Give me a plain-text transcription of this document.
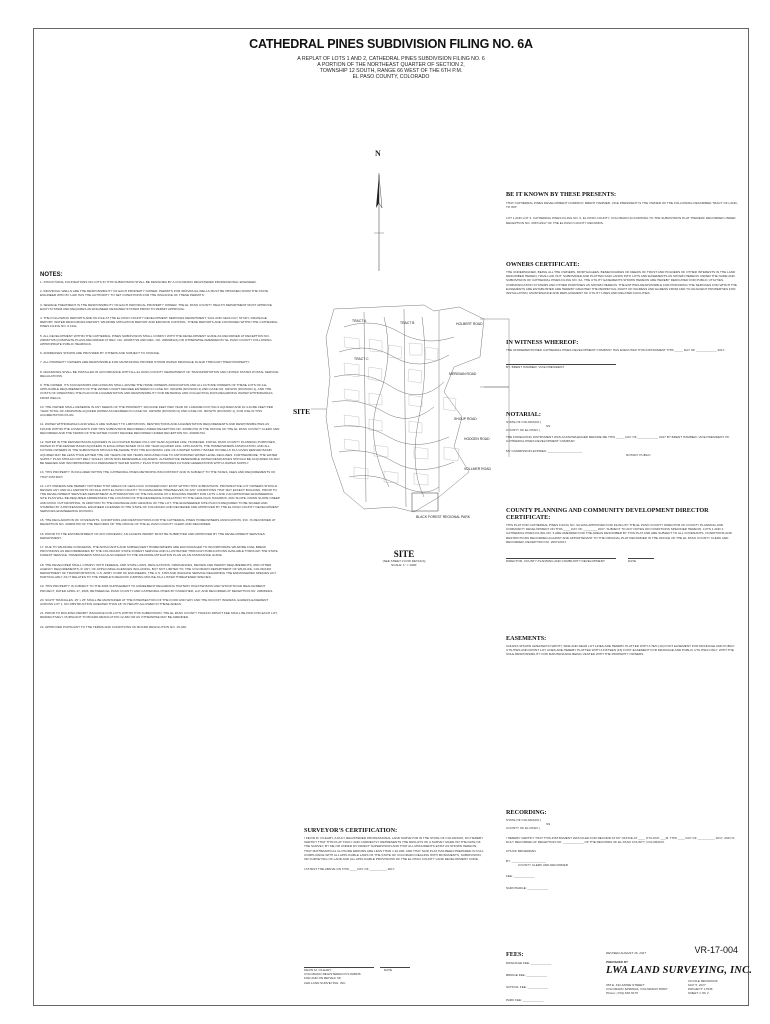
CATHEDRAL PINES SUBDIVISION FILING NO. 6A
A REPLAT OF LOTS 1 AND 2, CATHEDRAL PINES SUBDIVISION FILING NO. 6
A PORTION OF THE NORTHEAST QUARTER OF SECTION 2,
TOWNSHIP 12 SOUTH, RANGE 66 WEST OF THE 6TH P.M.
EL PASO COUNTY, COLORADO
N
BE IT KNOWN BY THESE PRESENTS:
THAT CATHEDRAL PINES DEVELOPMENT COMPANY, BRENT HAMMER, VICE PRESIDENT IS THE OWNER OF THE FOLLOWING DESCRIBED TRACT OF LAND, TO WIT:
LOT 1 AND LOT 2, CATHEDRAL PINES FILING NO. 6, EL PASO COUNTY, COLORADO ACCORDING TO THE SUBDIVISION PLAT THEREOF RECORDED UNDER RECEPTION NO. 206712917 OF THE EL PASO COUNTY RECORDS.
OWNERS CERTIFICATE:
THE UNDERSIGNED, BEING ALL THE OWNERS, MORTGAGEES, BENEFICIARIES OF DEEDS OF TRUST AND HOLDERS OF OTHER INTERESTS IN THE LAND DESCRIBED HEREIN, HAVE LAID OUT, SUBDIVIDED AND PLATTED SAID LANDS INTO LOTS AND EASEMENTS AS SHOWN HEREON UNDER THE NAME AND SUBDIVISION OF CATHEDRAL PINES FILING NO. 6A. THE UTILITY EASEMENTS SHOWN HEREON ARE HEREBY DEDICATED FOR PUBLIC UTILITIES, COMMUNICATION SYSTEMS AND OTHER PURPOSES AS SHOWN HEREON. THE ENTITIES RESPONSIBLE FOR PROVIDING THE SERVICES FOR WHICH THE EASEMENTS ARE ESTABLISHED ARE HEREBY GRANTED THE PERPETUAL RIGHT OF INGRESS AND EGRESS FROM AND TO ADJACENT PROPERTIES FOR INSTALLATION, MAINTENANCE AND REPLACEMENT OF UTILITY LINES AND RELATED FACILITIES.
IN WITNESS WHEREOF:
THE AFOREMENTIONED CATHEDRAL PINES DEVELOPMENT COMPANY HAS EXECUTED THIS INSTRUMENT THIS _____ DAY OF ____________ 2017.
BY: BRENT HAMMER, VICE PRESIDENT
NOTARIAL:
STATE OF COLORADO )
SS
COUNTY OF EL PASO )
THE FOREGOING INSTRUMENT WAS ACKNOWLEDGED BEFORE ME THIS _____ DAY OF ____________ 2017 BY BRENT HAMMER, VICE PRESIDENT OF CATHEDRAL PINES DEVELOPMENT COMPANY.
MY COMMISSION EXPIRES: ____________________
NOTARY PUBLIC
COUNTY PLANNING AND COMMUNITY DEVELOPMENT DIRECTOR CERTIFICATE:
THIS PLAT FOR CATHEDRAL PINES FILING NO. 6A WAS APPROVED FOR FILING BY THE EL PASO COUNTY DIRECTOR OF COUNTY PLANNING AND COMMUNITY DEVELOPMENT ON THIS ____ DAY OF ________ 2017, SUBJECT TO ANY NOTES OR CONDITIONS SPECIFIED HEREON. LOTS 1 AND 2 CATHEDRAL PINES FILING NO. 6 ARE AMENDED FOR THE AREAS DESCRIBED BY THIS PLAT AND ARE SUBJECT TO ALL COVENANTS, CONDITIONS AND RESTRICTIONS RECORDED AGAINST AND APPURTENANT TO THE ORIGINAL PLAT RECORDED IN THE OFFICE OF THE EL PASO COUNTY CLERK AND RECORDER, RECEPTION NO. 206712917.
DIRECTOR, COUNTY PLANNING AND COMMUNITY DEVELOPMENT	DATE
EASEMENTS:
UNLESS SHOWN GREATER IN WIDTH, SIDE AND REAR LOT LINES ARE HEREBY PLATTED WITH A TEN (10) FOOT EASEMENT FOR DRAINAGE AND PUBLIC UTILITIES AND FRONT LOT LINES ARE HEREBY PLATTED WITH A FIFTEEN (15) FOOT EASEMENT FOR DRAINAGE AND PUBLIC UTILITIES ONLY. WITH THE SOLE RESPONSIBILITY FOR MAINTENANCE BEING VESTED WITH THE PROPERTY OWNERS.
NOTES:
1. STRUCTURAL FOUNDATIONS ON LOTS IN THIS SUBDIVISION SHALL BE DESIGNED BY A COLORADO REGISTERED PROFESSIONAL ENGINEER.
2. INDIVIDUAL WELLS ARE THE RESPONSIBILITY OF EACH PROPERTY OWNER. PERMITS FOR INDIVIDUAL WELLS MUST BE OBTAINED FROM THE STATE ENGINEER WHO BY LAW HAS THE AUTHORITY TO SET CONDITIONS FOR THE ISSUANCE OF THESE PERMITS.
3. SEWAGE TREATMENT IS THE RESPONSIBILITY OF EACH INDIVIDUAL PROPERTY OWNER. THE EL PASO COUNTY HEALTH DEPARTMENT MUST APPROVE EACH SYSTEM AND REQUIRES AN ENGINEER DESIGNED SYSTEM PRIOR TO PERMIT APPROVAL.
4. THE FOLLOWING REPORTS ARE ON FILE AT THE EL PASO COUNTY DEVELOPMENT SERVICES DEPARTMENT: SOIL AND GEOLOGY STUDY, DRAINAGE REPORT, WATER RESOURCES REPORT, WILDFIRE MITIGATION REPORT AND EROSION CONTROL. THESE REPORTS ARE CONTAINED WITHIN THE CATHEDRAL PINES FILING NO. 6 FILE.
5. ALL DEVELOPMENT WITHIN THE CATHEDRAL PINES SUBDIVISION SHALL COMPLY WITH THE DEVELOPMENT GUIDE AS RECORDED AT RECEPTION NO. 200067728 (COMPLETE PLANS RECORDED AT REC. NO. 200067729 AND REC. NO. 208008124) OR OTHERWISE AMENDED BY EL PASO COUNTY FOLLOWING APPROPRIATE PUBLIC HEARINGS.
6. ADDRESSES SHOWN ARE PROVIDED BY OTHERS AND SUBJECT TO CHANGE.
7. ALL PROPERTY OWNERS ARE RESPONSIBLE FOR MAINTAINING PROPER STORM WATER DRAINAGE IN AND THROUGH THEIR PROPERTY.
8. MAILBOXES SHALL BE INSTALLED IN ACCORDANCE WITH ALL EL PASO COUNTY DEPARTMENT OF TRANSPORTATION AND UNITED STATES POSTAL SERVICE REGULATIONS.
9. THE OWNER, ITS SUCCESSORS AND ASSIGNS SHALL ADVISE THE HOME OWNERS ASSOCIATION AND ALL FUTURE OWNERS OF THESE LOTS OF ALL APPLICABLE REQUIREMENTS OF THE WATER COURT DECREE ENTERED IN CASE NO. 90CW66 (DIVISION 2) AND CASE NO. 90CW15 (DIVISION 1), AND THE COSTS OF OPERATING THE PLAN FOR AUGMENTATION AND RESPONSIBILITY FOR METERING AND COLLECTING DATA REGARDING WATER WITHDRAWALS FROM WELLS.
10. THE OWNER SHALL RESERVE IN ANY DEEDS OF THE PROPERTY 184 ACRE FEET PER YEAR OF LARAMIE FOX HILLS AQUIFER AND 10.4 ACRE FEET PER YEAR TOTAL OF ARAPAHOE AQUIFER WATER AS DECREED IN CASE NO. 90CW66 (DIVISION 2) AND CASE NO. 90CW75 (DIVISION 1), FOR USE IN THIS AUGMENTATION PLAN.
11. WATER WITHDRAWALS AND WELLS ARE SUBJECT TO LIMITATIONS, RESTRICTIONS AND AUGMENTATION REQUIREMENTS AND RESPONSIBILITIES AS FOUND WITHIN THE COVENANTS FOR THIS SUBDIVISION RECORDED UNDER RECEPTION NO. 200061700 IN THE OFFICE OF THE EL PASO COUNTY CLERK AND RECORDER AND THE TERMS OF THE WATER COURT DECREE RECORDED UNDER RECEPTION NO. 200061702.
12. WATER IN THE DENVER BASIN AQUIFERS IS ALLOCATED BASED ON A 100 YEAR AQUIFER LIFE; HOWEVER, FOR EL PASO COUNTY PLANNING PURPOSES, WATER IN THE DENVER BASIN AQUIFERS IS EVALUATED BASED ON A 300 YEAR AQUIFER LIFE. APPLICANTS, THE HOMEOWNERS ASSOCIATION, AND ALL FUTURE OWNERS IN THE SUBDIVISION SHOULD BE AWARE THAT THE ECONOMIC LIFE OF A WATER SUPPLY BASED ON WELLS IN A GIVEN DENVER BASIN AQUIFER MAY BE LESS THAN EITHER THE 100 YEARS OR 300 YEARS INDICATED DUE TO ANTICIPATED WATER LEVEL DECLINES. FURTHERMORE, THE WATER SUPPLY PLAN SHOULD NOT RELY SOLELY UPON NON-RENEWABLE AQUIFERS. ALTERNATIVE RENEWABLE WATER RESOURCES SHOULD BE ACQUIRED AS MAY BE NEEDED AND INCORPORATED IN A PERMANENT WATER SUPPLY PLAN THAT PROVIDES FUTURE GENERATIONS WITH A WATER SUPPLY.
13. THIS PROPERTY IS INCLUDED WITHIN THE CATHEDRAL PINES METROPOLITAN DISTRICT AND IS SUBJECT TO THE TAXES, FEES AND REQUIREMENTS OF THAT DISTRICT.
14. LOT OWNERS ARE HEREBY NOTIFIED THAT AREAS OF GEOLOGIC CONCERN MAY EXIST WITHIN THIS SUBDIVISION. PROSPECTIVE LOT OWNERS SHOULD REVIEW ANY AND ALL REPORTS ON FILE WITH EL PASO COUNTY TO FAMILIARIZE THEMSELVES OF ANY CONDITIONS THAT MAY EFFECT BUILDING. PRIOR TO THE DEVELOPMENT SERVICES DEPARTMENT AUTHORIZATION OF THE ISSUANCE OF A BUILDING PERMIT FOR LOTS 1 AND 2 AN APPROVED ENGINEERING SITE PLAN WILL BE REQUIRED ADDRESSING THE LOCATION OF THE RESIDENCE IN RELATION TO THE GEOLOGIC HAZARDS, 20% SLOPE, DOWN SLOPE CREEP AND ROCK OUTCROPPING, IN ADDITION TO THE DRAINAGE AND GRADING OF THE LOT. THE ENGINEERED SITE PLAN IS REQUIRED TO BE SIGNED AND STAMPED BY A PROFESSIONAL ENGINEER LICENSED IN THE STATE OF COLORADO AND REVIEWED AND APPROVED BY THE EL PASO COUNTY DEVELOPMENT SERVICES ENGINEERING DIVISION.
15. THE DECLARATION OF COVENANTS, CONDITIONS AND RESTRICTIONS FOR THE CATHEDRAL PINES HOMEOWNERS ASSOCIATION, INC. IS RECORDED AT RECEPTION NO. 200061700 OF THE RECORDS OF THE OFFICE OF THE EL PASO COUNTY CLERK AND RECORDER.
16. PRIOR TO THE ESTABLISHMENT OF ANY DRIVEWAY, AN ACCESS PERMIT MUST BE SUBMITTED AND APPROVED BY THE DEVELOPMENT SERVICES DEPARTMENT.
17. DUE TO WILDFIRE CONCERNS, THE APPLICANTS AND SUBSEQUENT HOMEOWNERS ARE ENCOURAGED TO INCORPORATE WILDFIRE FUEL BREAK PROVISIONS AS RECOMMENDED BY THE COLORADO STATE FOREST SERVICE AND ILLUSTRATED THROUGH PUBLICATIONS AVAILABLE THROUGH THE STATE FOREST SERVICE. HOMEOWNERS SHOULD ALSO REFER TO THE WILDFIRE MITIGATION PLAN AS AN ASSISTANCE GUIDE.
18. THE DEVELOPER SHALL COMPLY WITH FEDERAL AND STATE LAWS, REGULATIONS, ORDINANCES, REVIEW AND PERMIT REQUIREMENTS, AND OTHER AGENCY REQUIREMENTS, IF ANY, OF APPLICABLE AGENCIES INCLUDING, BUT NOT LIMITED TO, THE COLORADO DEPARTMENT OF WILDLIFE, COLORADO DEPARTMENT OF TRANSPORTATION, U.S. ARMY CORP OF ENGINEERS, THE U.S. FISH AND WILDLIFE SERVICE REGARDING THE ENDANGERED SPECIES ACT, PARTICULARLY AS IT RELATES TO THE PREBLE'S MEADOW JUMPING MOUSE AS A LISTED THREATENED SPECIES.
19. THIS PROPERTY IS SUBJECT TO THE 2006 SUPPLEMENT TO AGREEMENT REGARDING HIGHWAY 83 EXTENSION AND SHOUP ROAD REALIGNMENT PROJECT, DATED APRIL 27, 2006, BETWEEN EL PASO COUNTY AND CATHEDRAL PINES BY KNOECHER, LLP, AND RECORDED AT RECEPTION NO. 206069321.
20. SIGHT TRIANGLES, 25' x 25' SHALL BE MAINTAINED AT THE INTERSECTION OF THE FOOD AND WAY AND THE 60 FOOT INGRESS, EGRESS EASEMENT ACROSS LOT 1. NO OBSTRUCTION GREATER THAN 18" IN HEIGHT ALLOWED IN THESE AREAS.
21. PRIOR TO BUILDING PERMIT ISSUANCE FOR LOTS WITHIN THIS SUBDIVISION, THE EL PASO COUNTY TRAFFIC IMPACT FEE SHALL BE PAID FOR EACH LOT, RESPECTIVELY, PURSUANT TO BOARD RESOLUTION 12-382 OR AS OTHERWISE MAY BE AMENDED.
22. APPROVED PURSUANT TO THE TERMS AND CONDITIONS OF BOARD RESOLUTION NO. 16-330.
SITE
TRACT A	TRACT B
TRACT C
HOLBERT ROAD
BLACK FOREST REGIONAL PARK
HODGEN ROAD
SHOUP ROAD
MERIDIAN ROAD
VOLLMER ROAD
SITE
(SEE SHEET 2 FOR DETAILS)
SCALE: 1" = 1000'
SURVEYOR'S CERTIFICATION:
I KEVIN M. O'LEARY, A DULY REGISTERED PROFESSIONAL LAND SURVEYOR IN THE STATE OF COLORADO, DO HEREBY CERTIFY THAT THIS PLAT TRULY AND CORRECTLY REPRESENTS THE RESULTS OF A SURVEY MADE ON THE DATE OF THE SURVEY, BY ME OR UNDER MY DIRECT SUPERVISION AND THAT ALL MONUMENTS EXIST AS SHOWN HEREON; THAT MATHEMATICAL CLOSURE ERRORS ARE LESS THAN 1:10,000; AND THAT SAID PLAT HAS BEEN PREPARED IN FULL COMPLIANCE WITH ALL APPLICABLE LAWS OF THE STATE OF COLORADO DEALING WITH MONUMENTS, SUBDIVISION, OR SURVEYING OF LAND AND ALL APPLICABLE PROVISIONS OF THE EL PASO COUNTY LAND DEVELOPMENT CODE.
I ATTEST THE ABOVE ON THIS ____ DAY OF __________ 2017.
KEVIN M. O'LEARY	DATE
COLORADO REGISTERED PLS #26836
FOR AND ON BEHALF OF
LWA LAND SURVEYING, INC.
RECORDING:
STATE OF COLORADO )
SS
COUNTY OF EL PASO )
I HEREBY CERTIFY THAT THIS INSTRUMENT WAS FILED FOR RECORD AT MY OFFICE AT ____ O'CLOCK ___M. THIS ____ DAY OF __________ 2017, AND IS DULY RECORDED AT RECEPTION NO. ____________ OF THE RECORDS OF EL PASO COUNTY, COLORADO.
CHUCK BROERMAN
BY: ____________________
COUNTY CLERK AND RECORDER
FEE: ____________
SURCHARGE: ____________
FEES:
DRAINAGE FEE: ____________
BRIDGE FEE: ____________
SCHOOL FEE: ____________
PARK FEE: ____________
REVISED AUGUST 16, 2017	VR-17-004
PREPARED BY
LWA LAND SURVEYING, INC.
953 E. FILLMORE STREET
COLORADO SPRINGS, COLORADO 80907
Phone: (719) 636-5179
CP-FILE REVISIONS
MAY 5, 2017
PROJECT: 17036
SHEET 1 OF 2
